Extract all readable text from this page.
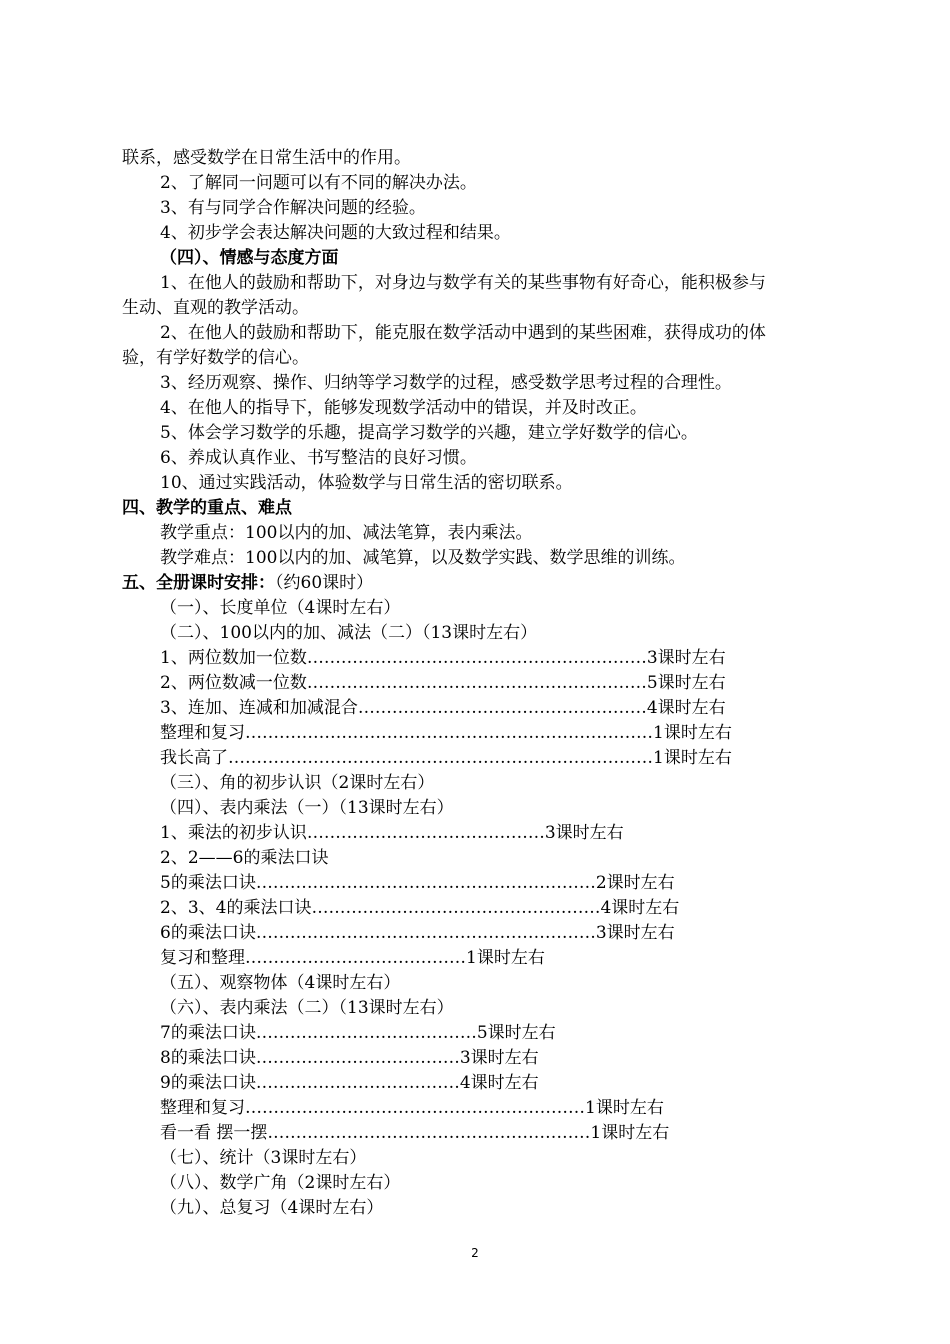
联系，感受数学在日常生活中的作用。
2、了解同一问题可以有不同的解决办法。
3、有与同学合作解决问题的经验。
4、初步学会表达解决问题的大致过程和结果。
（四）、情感与态度方面
1、在他人的鼓励和帮助下，对身边与数学有关的某些事物有好奇心，能积极参与
生动、直观的教学活动。
2、在他人的鼓励和帮助下，能克服在数学活动中遇到的某些困难，获得成功的体
验，有学好数学的信心。
3、经历观察、操作、归纳等学习数学的过程，感受数学思考过程的合理性。
4、在他人的指导下，能够发现数学活动中的错误，并及时改正。
5、体会学习数学的乐趣，提高学习数学的兴趣，建立学好数学的信心。
6、养成认真作业、书写整洁的良好习惯。
10、通过实践活动，体验数学与日常生活的密切联系。
四、教学的重点、难点
教学重点：100以内的加、减法笔算，表内乘法。
教学难点：100以内的加、减笔算，以及数学实践、数学思维的训练。
五、全册课时安排：（约60课时）
（一）、长度单位（4课时左右）
（二）、100以内的加、减法（二）（13课时左右）
1、两位数加一位数……………………………………………………3课时左右
2、两位数减一位数……………………………………………………5课时左右
3、连加、连减和加减混合……………………………………………4课时左右
整理和复习………………………………………………………………1课时左右
我长高了…………………………………………………………………1课时左右
（三）、角的初步认识（2课时左右）
（四）、表内乘法（一）（13课时左右）
1、乘法的初步认识……………………………………3课时左右
2、2——6的乘法口诀
5的乘法口诀……………………………………………………2课时左右
2、3、4的乘法口诀……………………………………………4课时左右
6的乘法口诀……………………………………………………3课时左右
复习和整理…………………………………1课时左右
（五）、观察物体（4课时左右）
（六）、表内乘法（二）（13课时左右）
7的乘法口诀…………………………………5课时左右
8的乘法口诀………………………………3课时左右
9的乘法口诀………………………………4课时左右
整理和复习……………………………………………………1课时左右
看一看 摆一摆…………………………………………………1课时左右
（七）、统计（3课时左右）
（八）、数学广角（2课时左右）
（九）、总复习（4课时左右）
2
